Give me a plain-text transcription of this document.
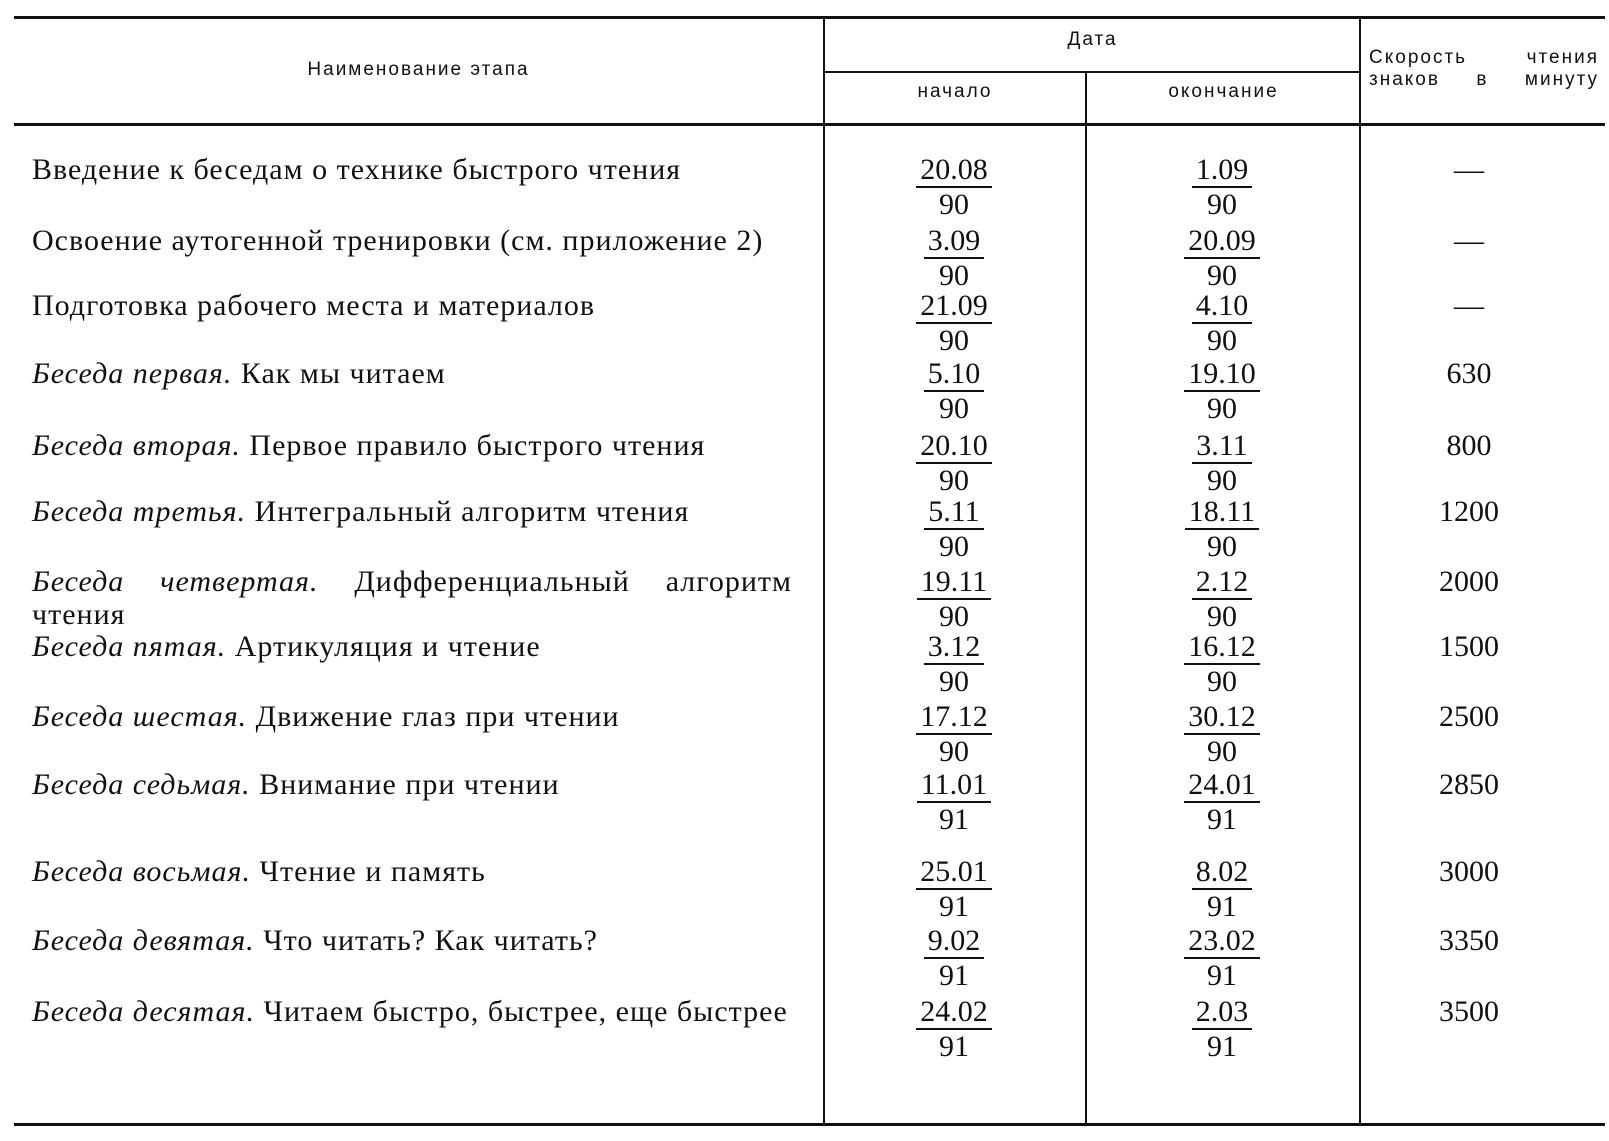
Наименование этапа
Дата
начало	окончание
Скорость чтения знаков в минуту
Введение к беседам о технике быстрого чтения	$\frac{20.08}{90}$	$\frac{1.09}{90}$	—
Освоение аутогенной тренировки (см. приложение 2)	$\frac{3.09}{90}$	$\frac{20.09}{90}$	—
Подготовка рабочего места и материалов	$\frac{21.09}{90}$	$\frac{4.10}{90}$	—
Беседа первая. Как мы читаем	$\frac{5.10}{90}$	$\frac{19.10}{90}$	630
Беседа вторая. Первое правило быстрого чтения	$\frac{20.10}{90}$	$\frac{3.11}{90}$	800
Беседа третья. Интегральный алгоритм чтения	$\frac{5.11}{90}$	$\frac{18.11}{90}$	1200
Беседа четвертая. Дифференциальный алгоритм чтения	$\frac{19.11}{90}$	$\frac{2.12}{90}$	2000
Беседа пятая. Артикуляция и чтение	$\frac{3.12}{90}$	$\frac{16.12}{90}$	1500
Беседа шестая. Движение глаз при чтении	$\frac{17.12}{90}$	$\frac{30.12}{90}$	2500
Беседа седьмая. Внимание при чтении	$\frac{11.01}{91}$	$\frac{24.01}{91}$	2850
Беседа восьмая. Чтение и память	$\frac{25.01}{91}$	$\frac{8.02}{91}$	3000
Беседа девятая. Что читать? Как читать?	$\frac{9.02}{91}$	$\frac{23.02}{91}$	3350
Беседа десятая. Читаем быстро, быстрее, еще быстрее	$\frac{24.02}{91}$	$\frac{2.03}{91}$	3500
